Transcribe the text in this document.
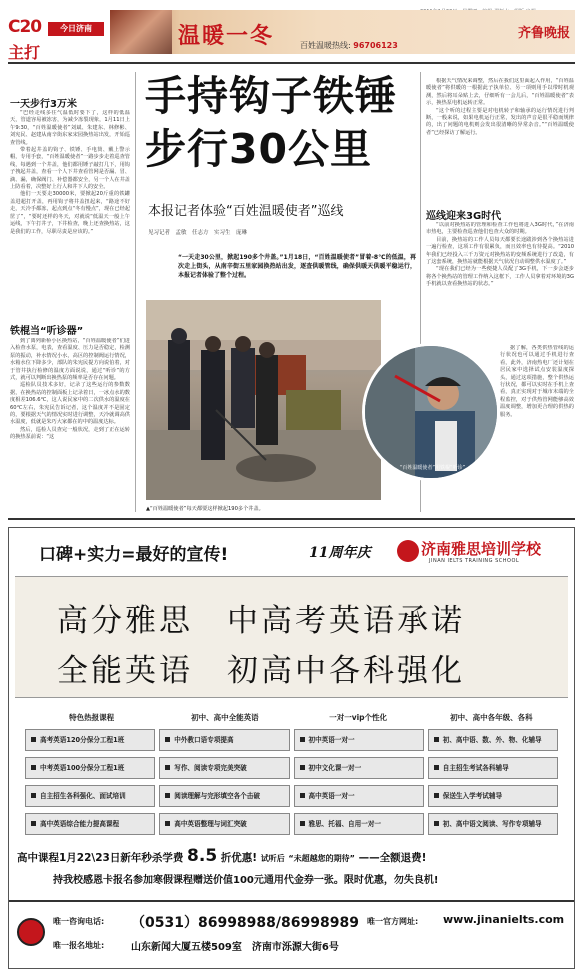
C20	今日济南
主打
温暖一冬	百姓温暖热线: 96706123
齐鲁晚报
一天步行3万米

“巴经走线多往气温低时要下了，这样的低温天，管道容易被冻害，为减少冻裂现象，1月11日上午9:30，“百姓温暖使者”刘斌、朱建东、林修彬、刘宪民、赵建从南辛街东家宋园换热站出发，开始巡查管线。

带着起井盖的钩子、铁锤、手电筒、戴上警示帽，专用手套，“百姓温暖使者”一路步步走着巡查管线，每遇到一个井盖，他们都用锤子敲打几下，用钩子拽起井盖，查看一个人下井查看管网是否漏、冒、滴、漏，确保阀门、补偿器都安全，另一个人在井盖上防看着，决整好上行人和井下人的安全。

他们一天要走30000米，要掀起20斤重的铁罐盖进超打开盖，再用钩子将井盖扭起来，“路途不好走，天冷手都冻，起点到点“冬有慢点”，现在已经起筐了”，“要时还样的冬天，对就说“低温天一般上午运线，下午打井子，下井检查，晚上还查换热站，这是我们的工作，尽职尽责是应该的。”

铁棍当“听诊器”

到了离列新桥小区换热站，“百姓温暖使者”们进入检查水泵，电表，查看温度、压力是否稳定，检测泵的振动，补水情况小水，高区的控制阀运行情况，水箱水位下降多少，部队的朱宪民提方向说伯着，对于管井执行检修的温度方面说说，通过“听诊”的方式，就可以判断出换热泵的频率是否存在问题。

巡检队员技术多好，记录了这些运行的参数数据，在换热站的控制面板上记录着日，一冰点水的数度相差106.6℃，这人说民家中的二次供水的温度在60℃左右，朱宪民告诉记者，这个温度并不是固定的，要根据天气的情况实时进行调整，天冷就调高供水温度，低就是朱巧大家都在的中的温度达标。

然后，巡检人员查完一般状况，走到了正在运转的换热泵前说：“这

手持钩子铁锤
步行30公里
本报记者体验“百姓温暖使者”巡线
见习记者　孟敏　任志方　实习生　庞琳
“一天走30公里，掀起190多个井盖。”1月18日，“百姓温暖使者”冒着-8℃的低温，再次走上街头，从南辛街五里家园换热站出发，逐查供暖管线，确保供暖天供暖平稳运行，本报记者体验了整个过程。

根据天气情况来调整，然后在我们这里面起入作用，“百姓温暖使者”将供暖的一根据此子执单位、另一项则用手以带时机观测，然后将耳朵贴上去，仔细听有一会儿后，“百姓温暖使者”表示，换热泵电机运转正常。

“这个听的过程主要是对电机转子和轴承的运行情况进行判断，一般来说，如果电机运行正常，发出的声音是很平稳而规律的，出了问题的电机则会发出很清晰的异常杂音。”“百姓温暖使者”已经探访了解运行。

巡线迎来3G时代

“以前对换热站的管理和检查工作也将进入3G时代，”在济南市热电，主要检查巡查他们也查大众的时期。

目前，换热站的工作人员每天都要长途跋涉到各个换热站进一遍行检查，这项工作有很累负，而且效率也有待提高。“2010年我们已经投入三千万资元对换热站的变频系统进行了改造，有了这套系统，换热站就能根据天气状况自动调整供水温度了。”

“现在我们已经为一些便捷人员配了3G手机，下一步会逐步将各个换热站的管理工作纳入这框下，工作人员拿着对环境的3G手机就以查看换热站的状态。”

据了解，各类供热管线的运行状况也可以通过手机进行查看，此外，济南热电厂还计划在居民家中选择试点安装温度探头，通过这项措施，整个供热运行状况，都可以实时在手机上查看，真正实现对于城市末端的全程监控，对于供热管网能够高效温度调整，增加更合理的供热的服务。

“百姓温暖使者”用铁棍“听诊”。
▲“百姓温暖使者”每天都要这样掀起190多个井盖。
口碑+实力=最好的宣传!	11周年庆	济南雅思培训学校
JINAN IELTS TRAINING SCHOOL
高分雅思　中高考英语承诺
全能英语　初高中各科强化
特色热报课程	初中、高中全能英语	一对一vip个性化	初中、高中各年级、各科
高考英语120分保分工程1班	中外教口语专项提高	初中英语一对一	初、高中语、数、外、物、化辅导
中考英语100分保分工程1班	写作、阅读专项完美突破	初中文化课一对一	自主招生考试各科辅导
自主招生各科强化、面试培训	阅读理解与完形填空各个击破	高中英语一对一	保送生入学考试辅导
高中英语综合能力提高课程	高中英语整理与词汇突破	雅思、托福、自用一对一	初、高中语文阅读、写作专项辅导
高中课程1月22\23日新年秒杀学费 8.5 折优惠! 试听后 “未超越您的期待” ——全额退费!
持我校感恩卡报名参加寒假课程赠送价值100元通用代金券一张。限时优惠，勿失良机!
唯一咨询电话: （0531）86998988/86998989 唯一官方网址: www.jinanielts.com
唯一报名地址:	山东新闻大厦五楼509室　济南市泺源大街6号
